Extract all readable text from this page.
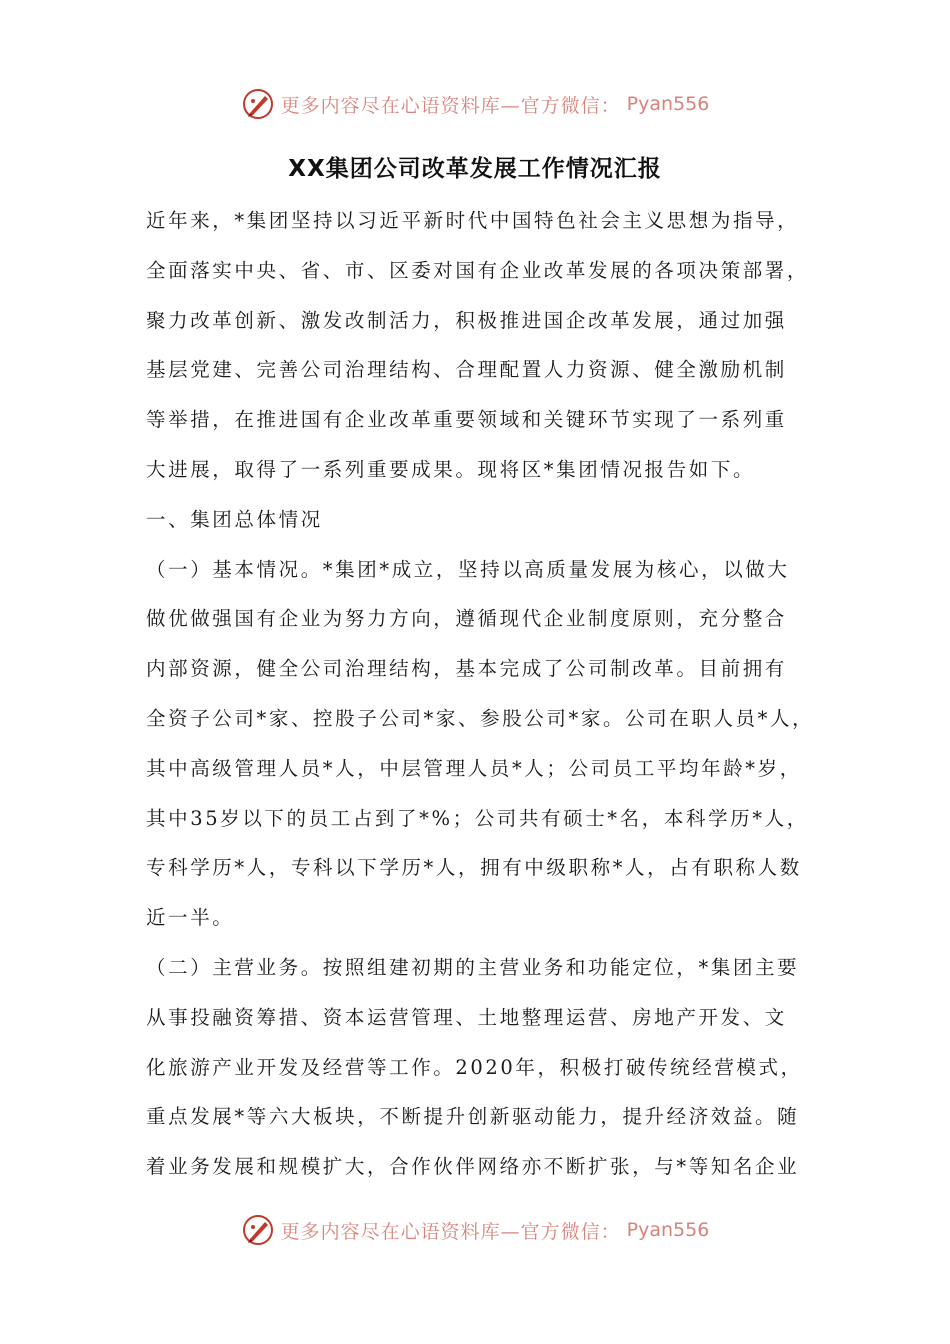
更多内容尽在心语资料库—官方微信： Pyan556
XX集团公司改革发展工作情况汇报
近年来，*集团坚持以习近平新时代中国特色社会主义思想为指导，
全面落实中央、省、市、区委对国有企业改革发展的各项决策部署，
聚力改革创新、激发改制活力，积极推进国企改革发展，通过加强
基层党建、完善公司治理结构、合理配置人力资源、健全激励机制
等举措，在推进国有企业改革重要领域和关键环节实现了一系列重
大进展，取得了一系列重要成果。现将区*集团情况报告如下。
一、集团总体情况
（一）基本情况。*集团*成立，坚持以高质量发展为核心，以做大
做优做强国有企业为努力方向，遵循现代企业制度原则，充分整合
内部资源，健全公司治理结构，基本完成了公司制改革。目前拥有
全资子公司*家、控股子公司*家、参股公司*家。公司在职人员*人，
其中高级管理人员*人，中层管理人员*人；公司员工平均年龄*岁，
其中35岁以下的员工占到了*%；公司共有硕士*名，本科学历*人，
专科学历*人，专科以下学历*人，拥有中级职称*人，占有职称人数
近一半。
（二）主营业务。按照组建初期的主营业务和功能定位，*集团主要
从事投融资筹措、资本运营管理、土地整理运营、房地产开发、文
化旅游产业开发及经营等工作。2020年，积极打破传统经营模式，
重点发展*等六大板块，不断提升创新驱动能力，提升经济效益。随
着业务发展和规模扩大，合作伙伴网络亦不断扩张，与*等知名企业
更多内容尽在心语资料库—官方微信： Pyan556
